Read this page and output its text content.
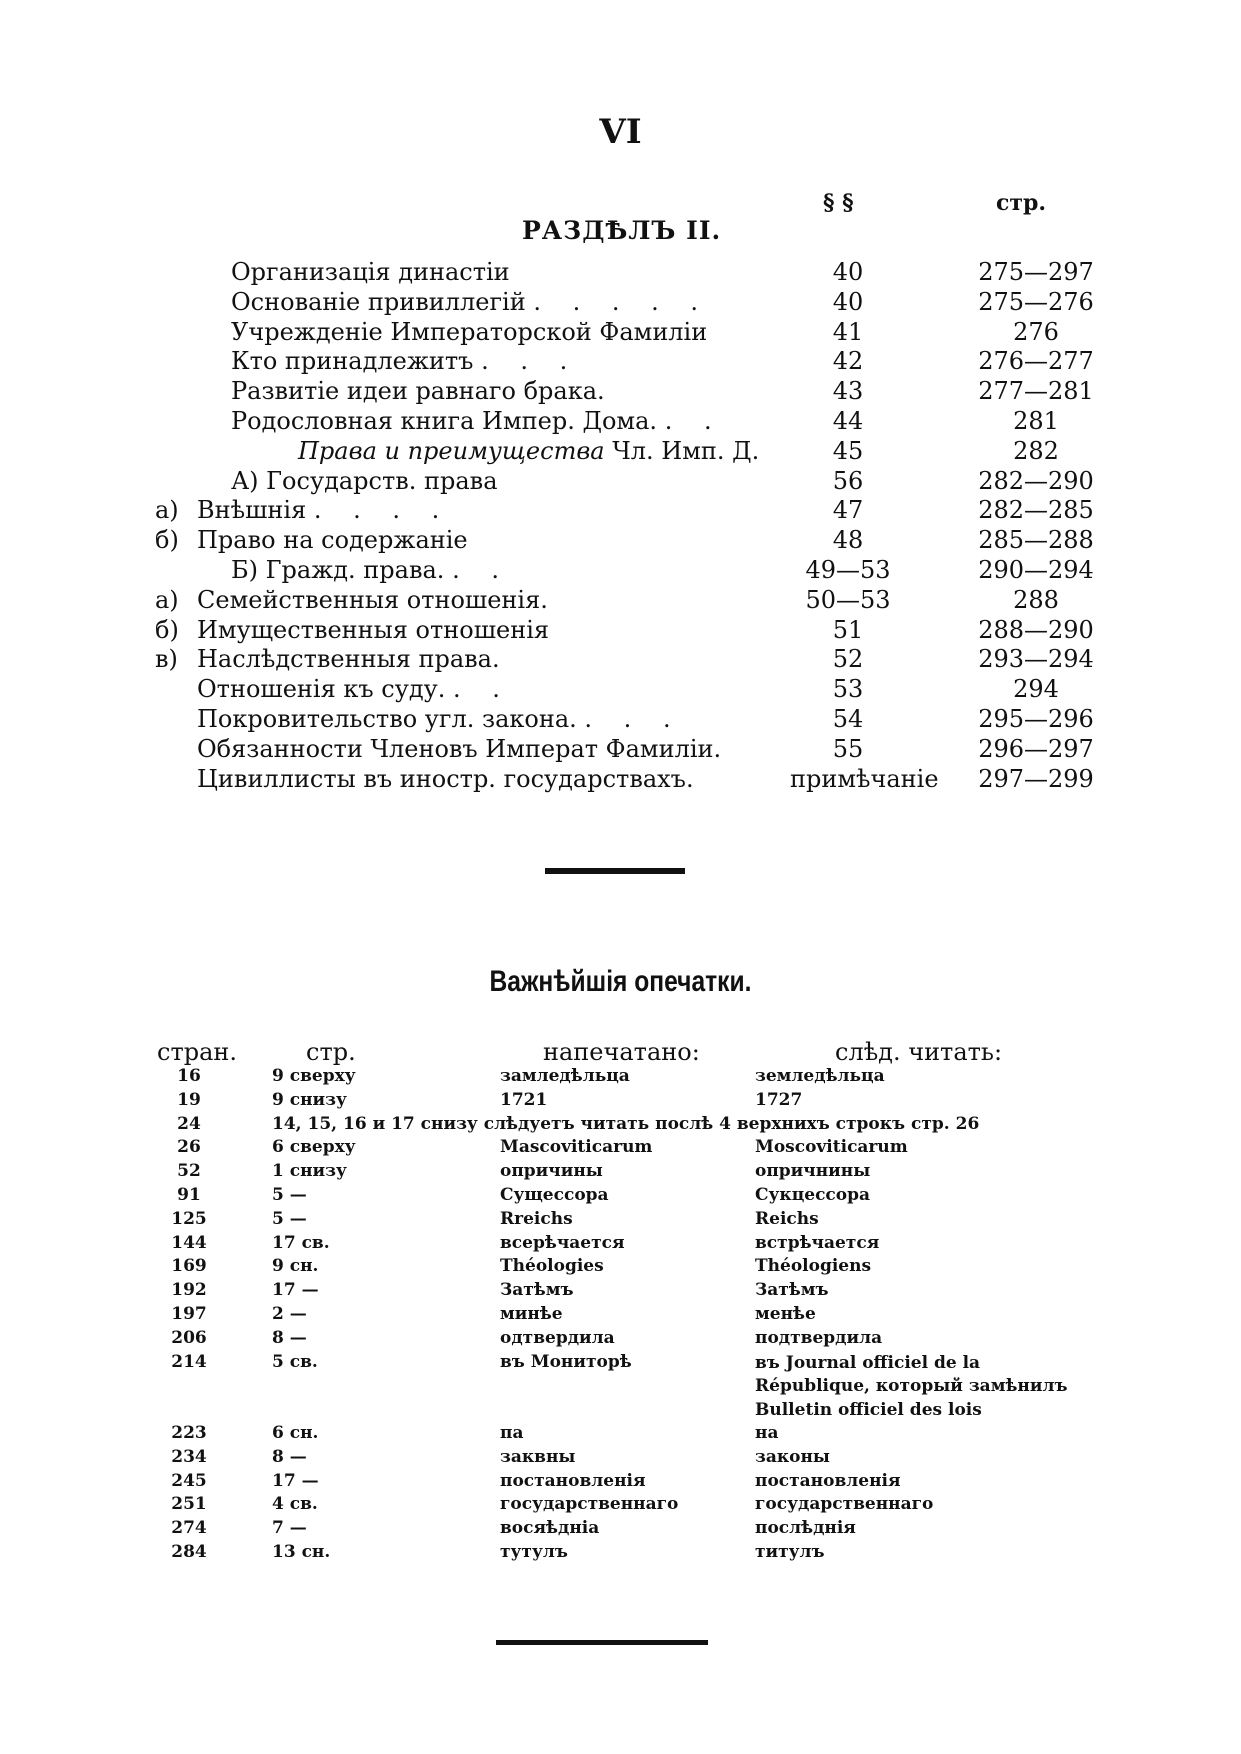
VI
§ §	стр.
РАЗДѢЛЪ II.
Организація династіи	40	275—297
Основаніе привиллегій . . . . .	40	275—276
Учрежденіе Императорской Фамиліи	41	276
Кто принадлежитъ . . .	42	276—277
Развитіе идеи равнаго брака.	43	277—281
Родословная книга Импер. Дома. . .	44	281
Права и преимущества Чл. Имп. Д.	45	282
А) Государств. права	56	282—290
а) Внѣшнія . . . .	47	282—285
б) Право на содержаніе	48	285—288
Б) Гражд. права. . .	49—53	290—294
а) Семейственныя отношенія.	50—53	288
б) Имущественныя отношенія	51	288—290
в) Наслѣдственныя права.	52	293—294
Отношенія къ суду. . .	53	294
Покровительство угл. закона. . . .	54	295—296
Обязанности Членовъ Императ Фамиліи.	55	296—297
Цивиллисты въ иностр. государствахъ.	примѣчаніе	297—299
Важнѣйшія опечатки.
стран.	стр.	напечатано:	слѣд. читать:
16	9 сверху	замледѣльца	земледѣльца
19	9 снизу	1721	1727
24	14, 15, 16 и 17 снизу слѣдуетъ читать послѣ 4 верхнихъ строкъ стр. 26
26	6 сверху	Mascoviticarum	Moscoviticarum
52	1 снизу	опричины	опричнины
91	5 —	Сущессора	Сукцессора
125	5 —	Rreichs	Reichs
144	17 св.	всерѣчается	встрѣчается
169	9 сн.	Théologies	Théologiens
192	17 —	Затѣмъ	Затѣмъ
197	2 —	минѣе	менѣе
206	8 —	одтвердила	подтвердила
214	5 св.	въ Мониторѣ	въ Journal officiel de la République, который замѣнилъ Bulletin officiel des lois
223	6 сн.	па	на
234	8 —	заквны	законы
245	17 —	постановленія	постановленія
251	4 св.	государственнаго	государственнаго
274	7 —	восяѣдніа	послѣднія
284	13 сн.	тутулъ	титулъ
